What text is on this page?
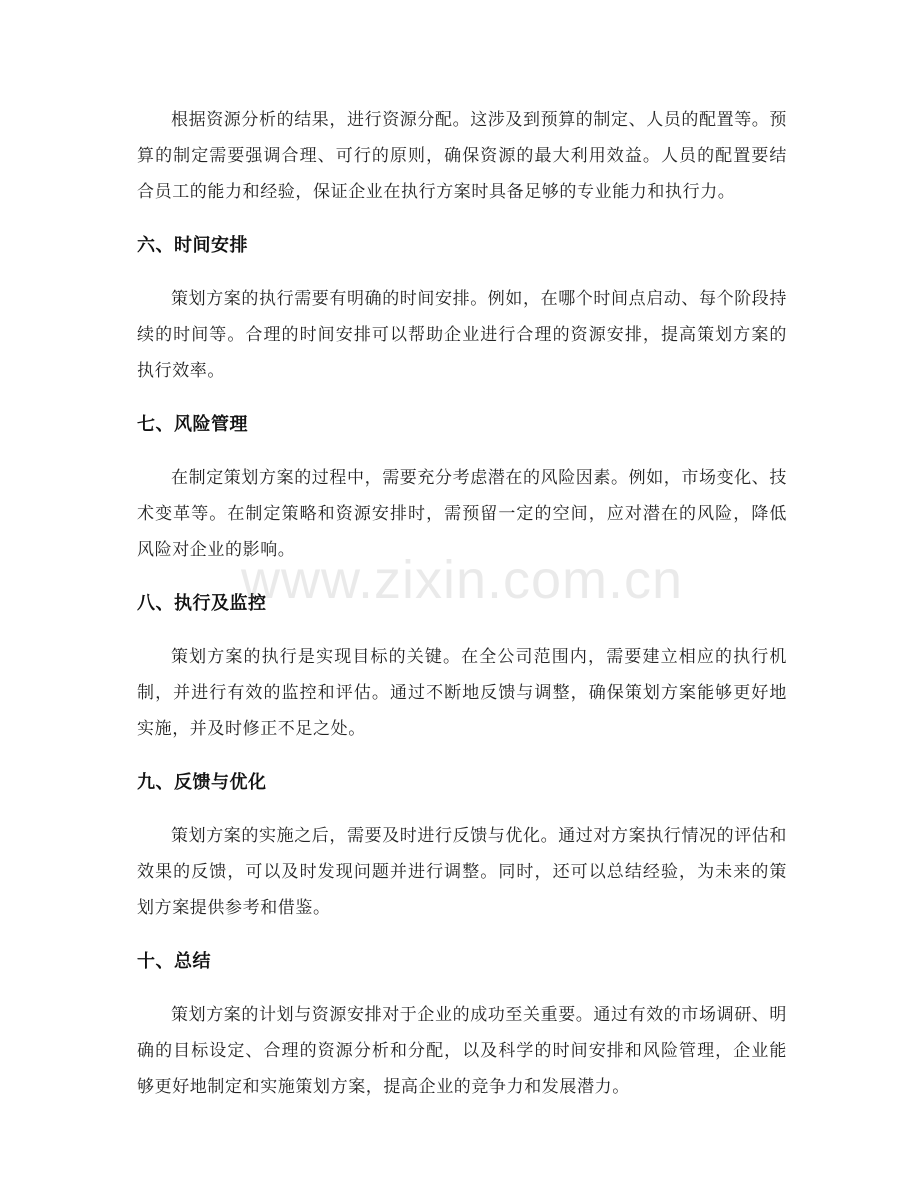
根据资源分析的结果，进行资源分配。这涉及到预算的制定、人员的配置等。预算的制定需要强调合理、可行的原则，确保资源的最大利用效益。人员的配置要结合员工的能力和经验，保证企业在执行方案时具备足够的专业能力和执行力。

六、时间安排

策划方案的执行需要有明确的时间安排。例如，在哪个时间点启动、每个阶段持续的时间等。合理的时间安排可以帮助企业进行合理的资源安排，提高策划方案的执行效率。

七、风险管理

在制定策划方案的过程中，需要充分考虑潜在的风险因素。例如，市场变化、技术变革等。在制定策略和资源安排时，需预留一定的空间，应对潜在的风险，降低风险对企业的影响。

八、执行及监控

策划方案的执行是实现目标的关键。在全公司范围内，需要建立相应的执行机制，并进行有效的监控和评估。通过不断地反馈与调整，确保策划方案能够更好地实施，并及时修正不足之处。

九、反馈与优化

策划方案的实施之后，需要及时进行反馈与优化。通过对方案执行情况的评估和效果的反馈，可以及时发现问题并进行调整。同时，还可以总结经验，为未来的策划方案提供参考和借鉴。

十、总结

策划方案的计划与资源安排对于企业的成功至关重要。通过有效的市场调研、明确的目标设定、合理的资源分析和分配，以及科学的时间安排和风险管理，企业能够更好地制定和实施策划方案，提高企业的竞争力和发展潜力。

www.zixin.com.cn
